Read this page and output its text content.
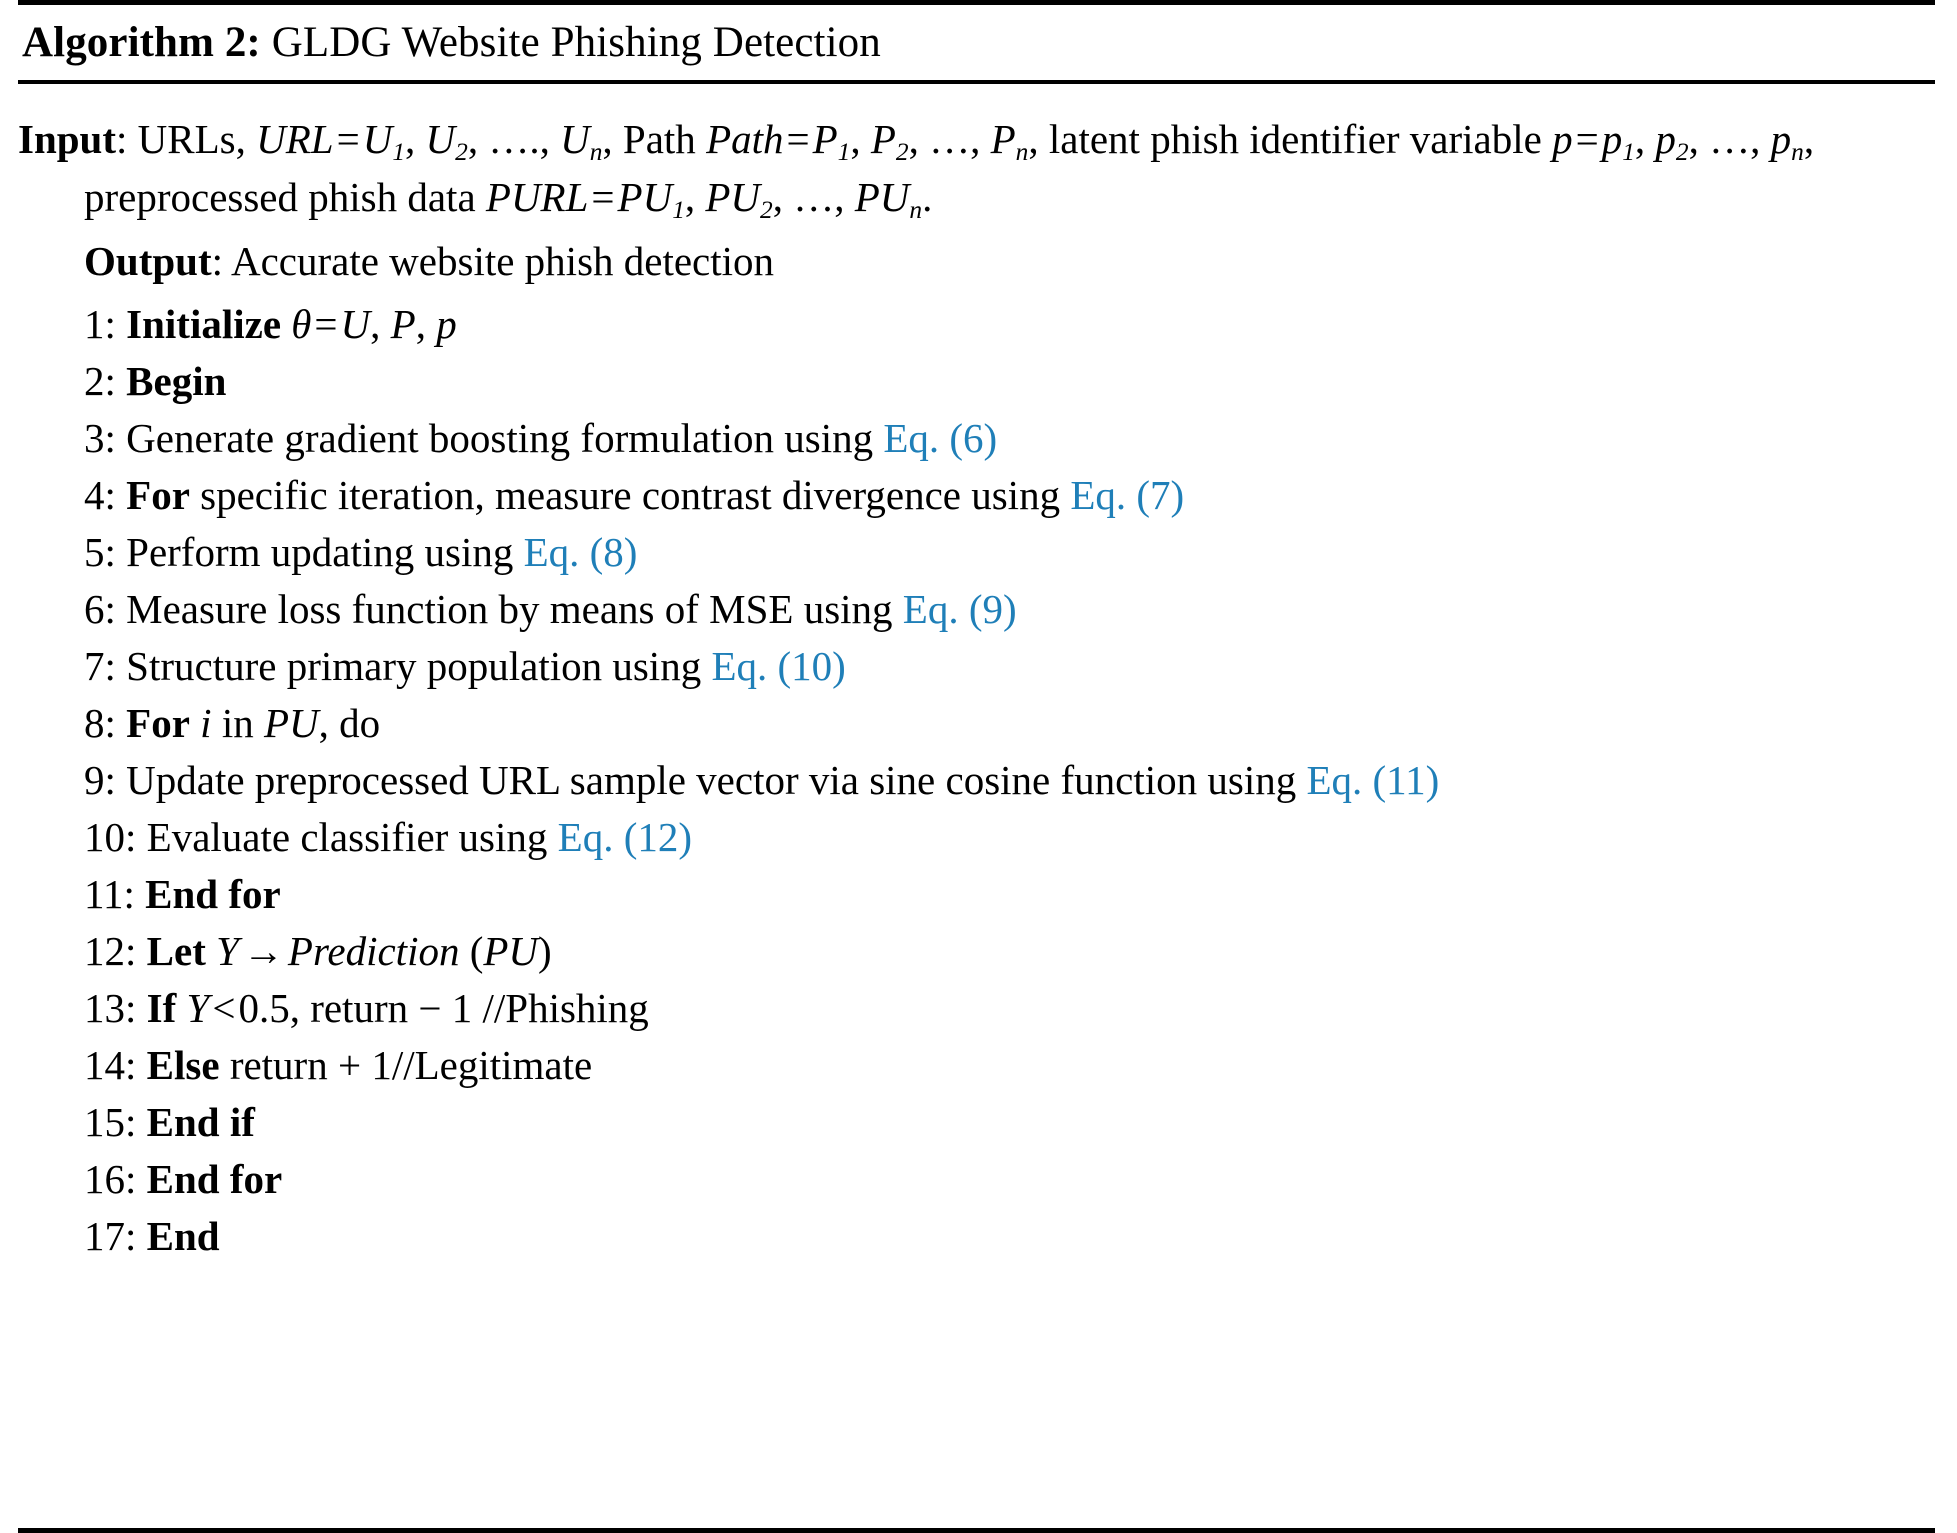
Algorithm 2: GLDG Website Phishing Detection

Input: URLs, $URL=U_1$, $U_2$, …., $U_n$, Path $Path=P_1$, $P_2$, …, $P_n$, latent phish identifier variable $p=p_1$, $p_2$, …, $p_n$, preprocessed phish data $PURL=PU_1$, $PU_2$, …, $PU_n$.

Output: Accurate website phish detection

1: Initialize θ=U, P, p
2: Begin
3: Generate gradient boosting formulation using Eq. (6)
4: For specific iteration, measure contrast divergence using Eq. (7)
5: Perform updating using Eq. (8)
6: Measure loss function by means of MSE using Eq. (9)
7: Structure primary population using Eq. (10)
8: For i in PU, do
9: Update preprocessed URL sample vector via sine cosine function using Eq. (11)
10: Evaluate classifier using Eq. (12)
11: End for
12: Let Y→Prediction (PU)
13: If Y<0.5, return − 1 //Phishing
14: Else return + 1//Legitimate
15: End if
16: End for
17: End
